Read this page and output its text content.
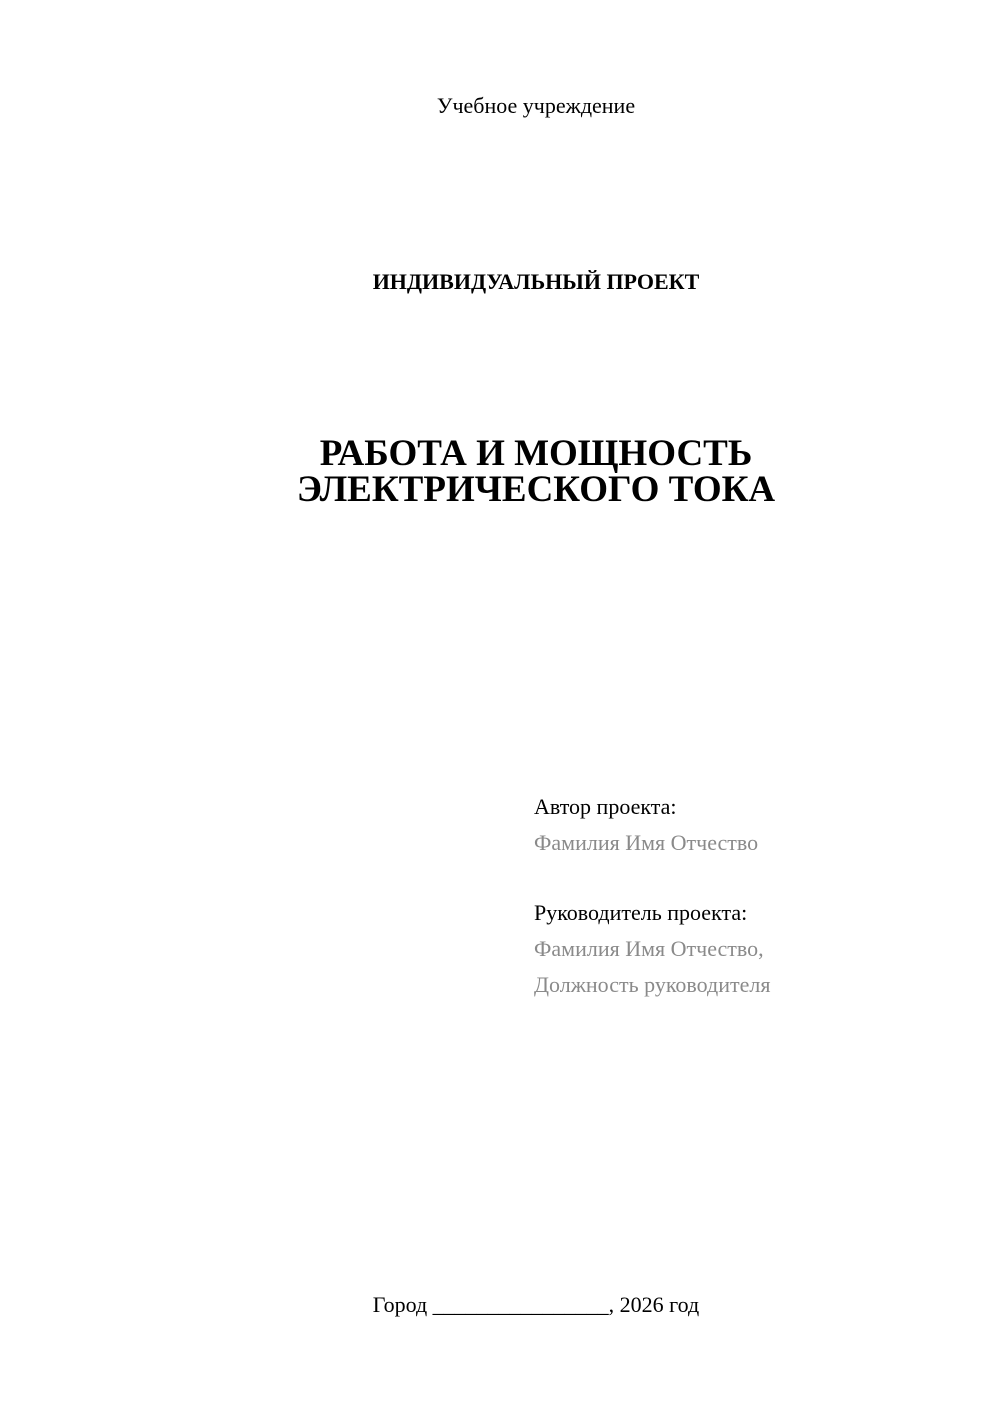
Учебное учреждение
ИНДИВИДУАЛЬНЫЙ ПРОЕКТ
РАБОТА И МОЩНОСТЬ
ЭЛЕКТРИЧЕСКОГО ТОКА
Автор проекта:
Фамилия Имя Отчество
Руководитель проекта:
Фамилия Имя Отчество,
Должность руководителя
Город ________________, 2026 год
